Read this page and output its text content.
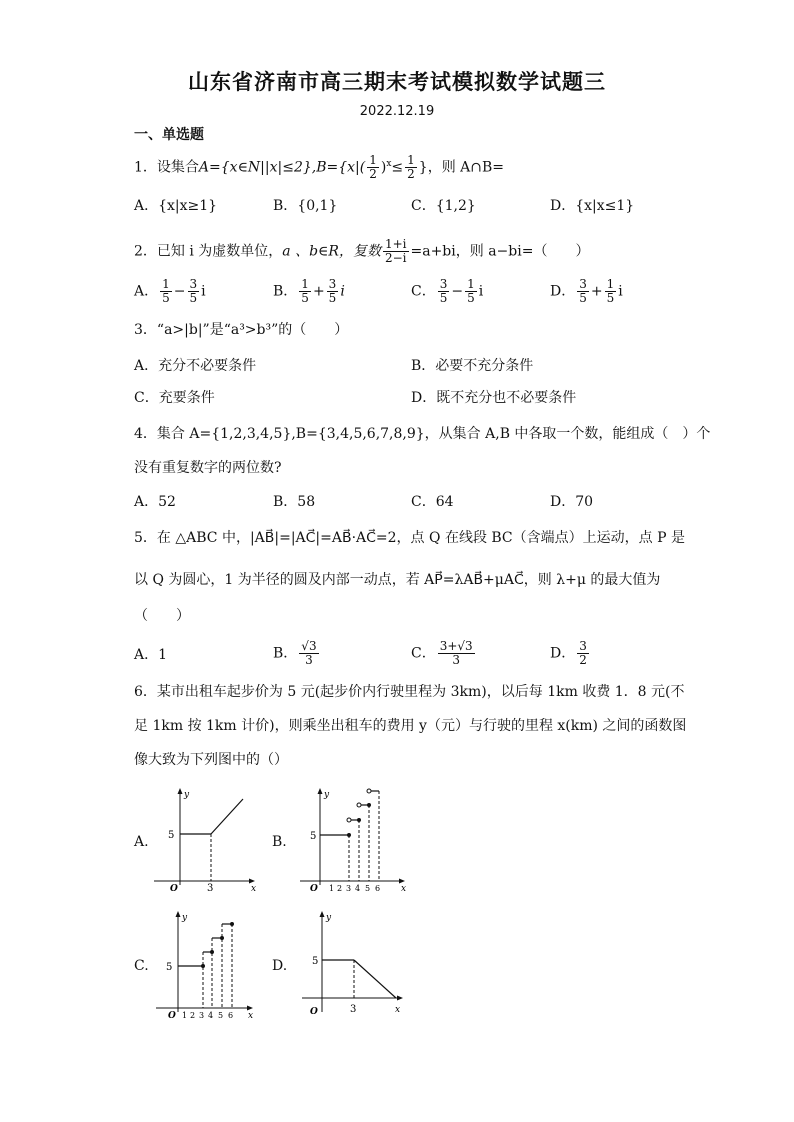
山东省济南市高三期末考试模拟数学试题三
2022.12.19
一、单选题
1．设集合A={x∈N||x|≤2},B={x|( $\frac{1}{2} )^x\le \frac{1}{2}$ }，则 A∩B=
A．{x|x≥1}	B．{0,1}	C．{1,2}	D．{x|x≤1}
2．已知 i 为虚数单位，a 、b∈R，复数 $\frac{1+i}{2-i} =a+bi$，则 a−bi=（　　）
A． $\frac{1}{5} - \frac{3}{5}$ i	B． $\frac{1}{5} + \frac{3}{5}$ i	C． $\frac{3}{5} - \frac{1}{5}$ i	D． $\frac{3}{5} + \frac{1}{5}$ i
3．“a>|b|”是“a³>b³”的（　　）
A．充分不必要条件	B．必要不充分条件
C．充要条件	D．既不充分也不必要条件
4．集合 A={1,2,3,4,5},B={3,4,5,6,7,8,9}，从集合 A,B 中各取一个数，能组成（　）个
没有重复数字的两位数?
A．52	B．58	C．64	D．70
5．在 △ABC 中，|AB⃗|=|AC⃗|=AB⃗·AC⃗=2，点 Q 在线段 BC（含端点）上运动，点 P 是
以 Q 为圆心，1 为半径的圆及内部一动点，若 AP⃗=λAB⃗+μAC⃗，则 λ+μ 的最大值为
（　　）
A．1	B． $\frac{√3}{3}$	C． $\frac{3+√3}{3}$	D． $\frac{3}{2}$
6．某市出租车起步价为 5 元(起步价内行驶里程为 3km)，以后每 1km 收费 1．8 元(不
足 1km 按 1km 计价)，则乘坐出租车的费用 y（元）与行驶的里程 x(km) 之间的函数图
像大致为下列图中的（）
A.	B.
C.	D.
y
x
O
5
3
y
x
O
5
1 2 3 4 5 6
y
x
O
5
1 2 3 4 5 6
y
x
O
5
3
